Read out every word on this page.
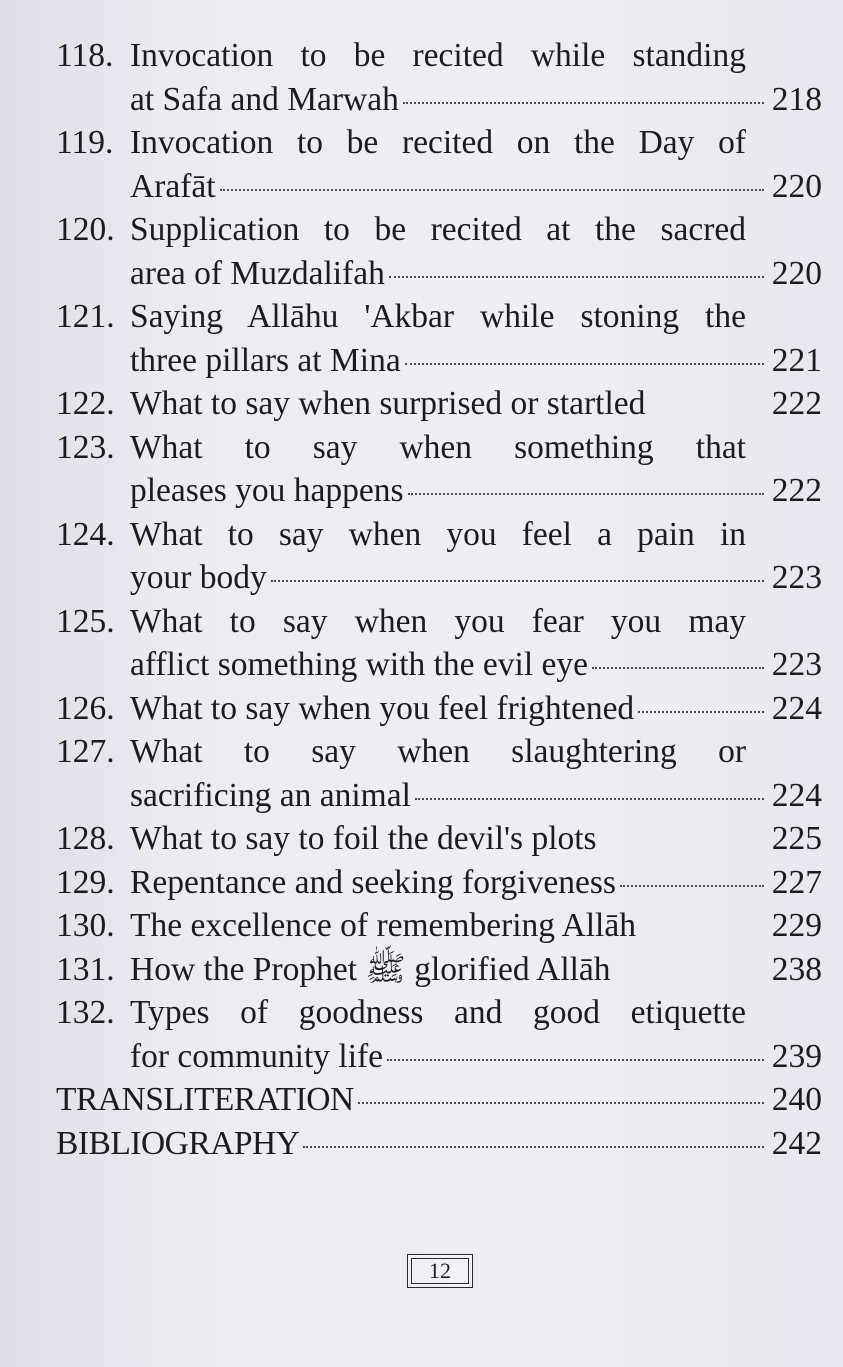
118. Invocation to be recited while standing
at Safa and Marwah	218
119. Invocation to be recited on the Day of
Arafāt	220
120. Supplication to be recited at the sacred
area of Muzdalifah	220
121. Saying Allāhu 'Akbar while stoning the
three pillars at Mina	221
122. What to say when surprised or startled	222
123. What to say when something that
pleases you happens	222
124. What to say when you feel a pain in
your body	223
125. What to say when you fear you may
afflict something with the evil eye	223
126. What to say when you feel frightened	224
127. What to say when slaughtering or
sacrificing an animal	224
128. What to say to foil the devil's plots	225
129. Repentance and seeking forgiveness	227
130. The excellence of remembering Allāh	229
131. How the Prophet ﷺ glorified Allāh	238
132. Types of goodness and good etiquette
for community life	239
TRANSLITERATION	240
BIBLIOGRAPHY	242
12
